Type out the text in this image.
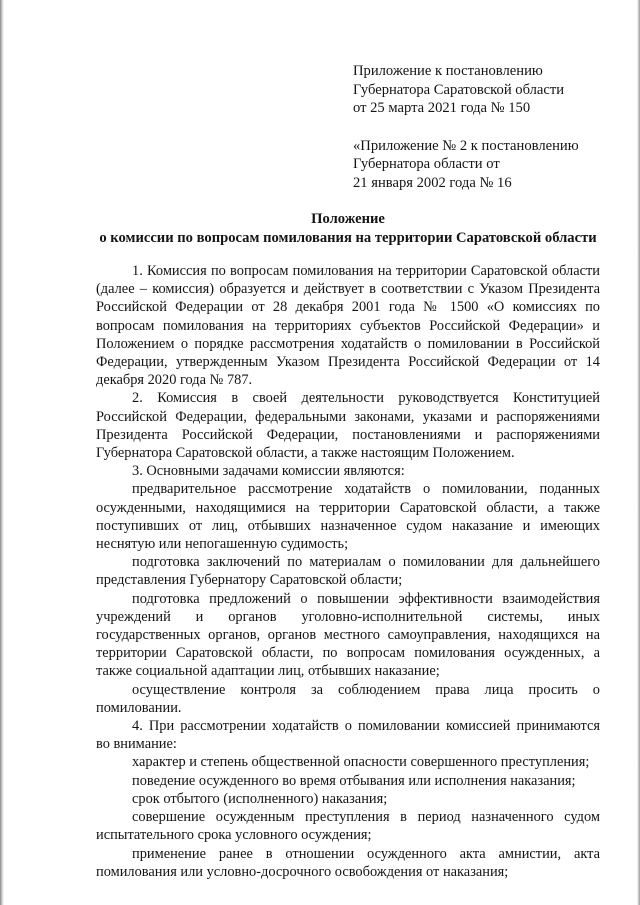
Приложение к постановлению

Губернатора Саратовской области

от 25 марта 2021 года № 150

«Приложение № 2 к постановлению

Губернатора области от

21 января 2002 года № 16

Положение
о комиссии по вопросам помилования на территории Саратовской области

1. Комиссия по вопросам помилования на территории Саратовской области (далее – комиссия) образуется и действует в соответствии с Указом Президента Российской Федерации от 28 декабря 2001 года № 1500 «О комиссиях по вопросам помилования на территориях субъектов Российской Федерации» и Положением о порядке рассмотрения ходатайств о помиловании в Российской Федерации, утвержденным Указом Президента Российской Федерации от 14 декабря 2020 года № 787.

2. Комиссия в своей деятельности руководствуется Конституцией Российской Федерации, федеральными законами, указами и распоряжениями Президента Российской Федерации, постановлениями и распоряжениями Губернатора Саратовской области, а также настоящим Положением.

3. Основными задачами комиссии являются:

предварительное рассмотрение ходатайств о помиловании, поданных осужденными, находящимися на территории Саратовской области, а также поступивших от лиц, отбывших назначенное судом наказание и имеющих неснятую или непогашенную судимость;

подготовка заключений по материалам о помиловании для дальнейшего представления Губернатору Саратовской области;

подготовка предложений о повышении эффективности взаимодействия учреждений и органов уголовно-исполнительной системы, иных государственных органов, органов местного самоуправления, находящихся на территории Саратовской области, по вопросам помилования осужденных, а также социальной адаптации лиц, отбывших наказание;

осуществление контроля за соблюдением права лица просить о помиловании.

4. При рассмотрении ходатайств о помиловании комиссией принимаются во внимание:

характер и степень общественной опасности совершенного преступления;

поведение осужденного во время отбывания или исполнения наказания;

срок отбытого (исполненного) наказания;

совершение осужденным преступления в период назначенного судом испытательного срока условного осуждения;

применение ранее в отношении осужденного акта амнистии, акта помилования или условно-досрочного освобождения от наказания;
